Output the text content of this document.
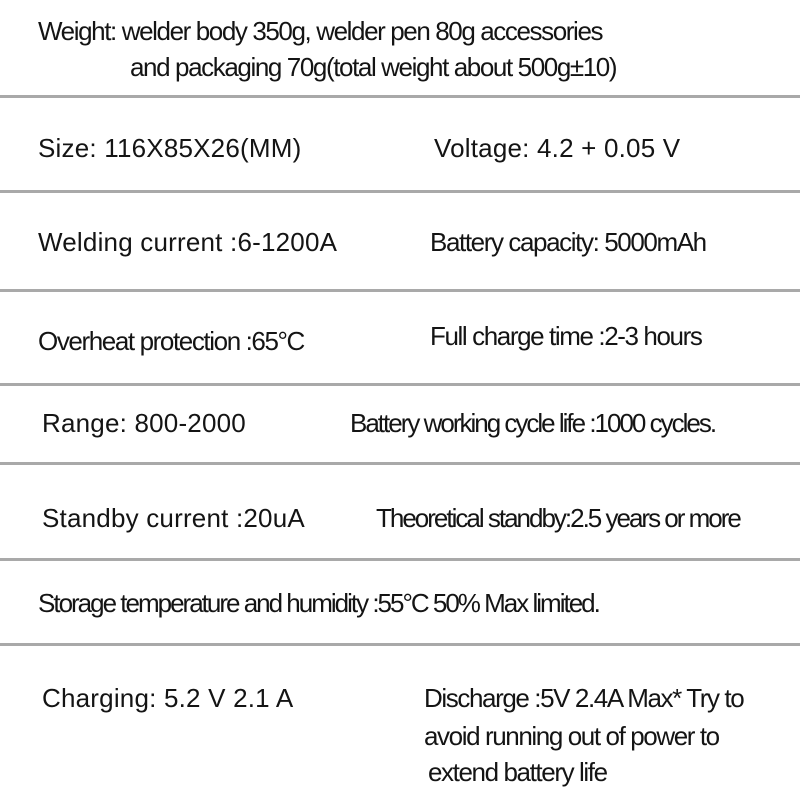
Weight: welder body 350g, welder pen 80g accessories
and packaging 70g(total weight about 500g±10)
Size: 116X85X26(MM)	Voltage: 4.2 + 0.05 V
Welding current :6-1200A	Battery capacity: 5000mAh
Overheat protection :65°C	Full charge time :2-3 hours
Range: 800-2000	Battery working cycle life :1000 cycles.
Standby current :20uA	Theoretical standby:2.5 years or more
Storage temperature and humidity :55°C 50% Max limited.
Charging: 5.2 V 2.1 A	Discharge :5V 2.4A Max* Try to
avoid running out of power to
extend battery life
